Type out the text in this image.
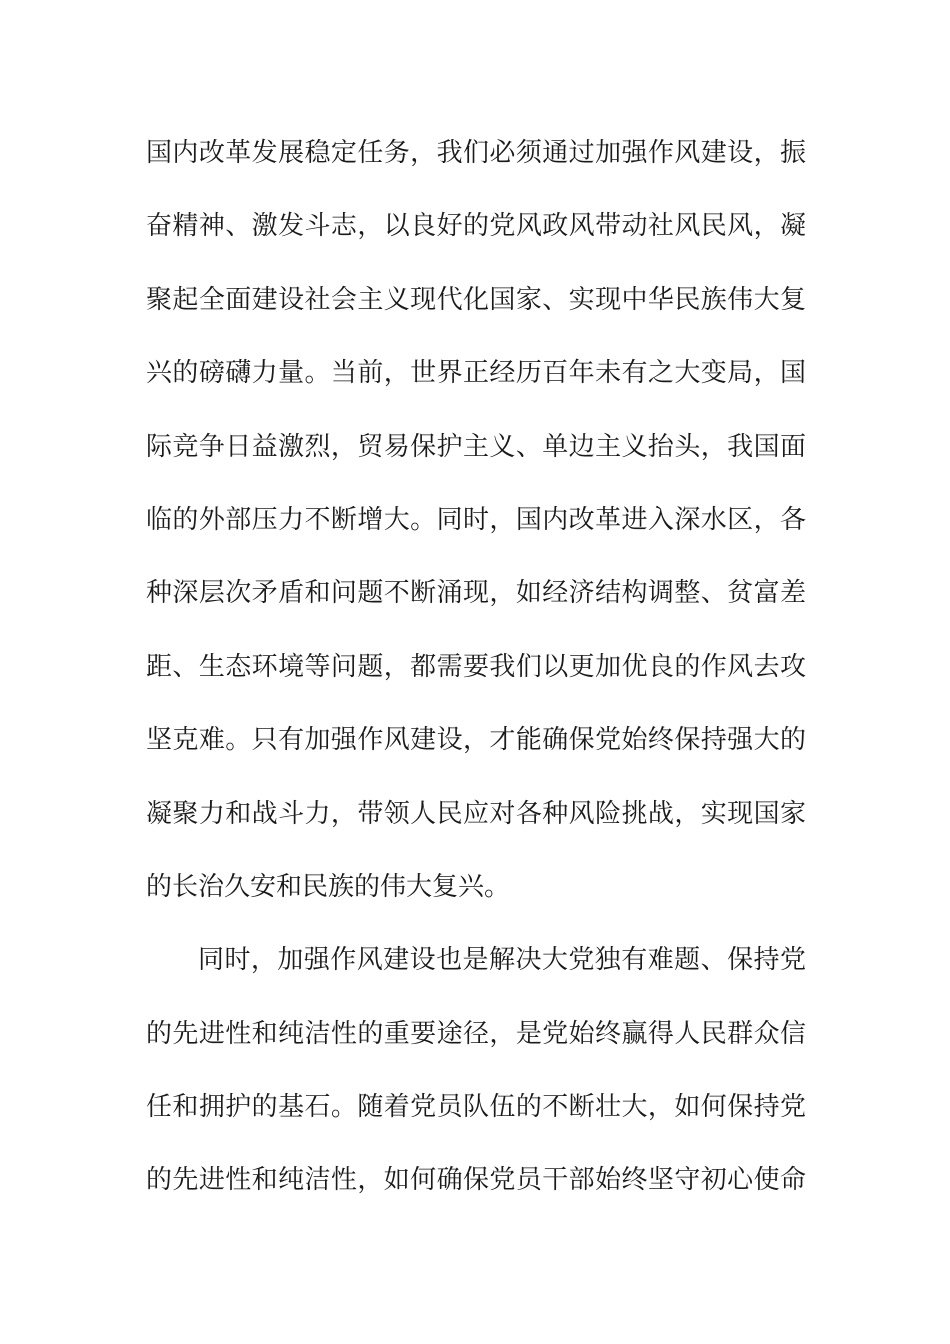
国内改革发展稳定任务，我们必须通过加强作风建设，振
奋精神、激发斗志，以良好的党风政风带动社风民风，凝
聚起全面建设社会主义现代化国家、实现中华民族伟大复
兴的磅礴力量。当前，世界正经历百年未有之大变局，国
际竞争日益激烈，贸易保护主义、单边主义抬头，我国面
临的外部压力不断增大。同时，国内改革进入深水区，各
种深层次矛盾和问题不断涌现，如经济结构调整、贫富差
距、生态环境等问题，都需要我们以更加优良的作风去攻
坚克难。只有加强作风建设，才能确保党始终保持强大的
凝聚力和战斗力，带领人民应对各种风险挑战，实现国家
的长治久安和民族的伟大复兴。
同时，加强作风建设也是解决大党独有难题、保持党
的先进性和纯洁性的重要途径，是党始终赢得人民群众信
任和拥护的基石。随着党员队伍的不断壮大，如何保持党
的先进性和纯洁性，如何确保党员干部始终坚守初心使命
